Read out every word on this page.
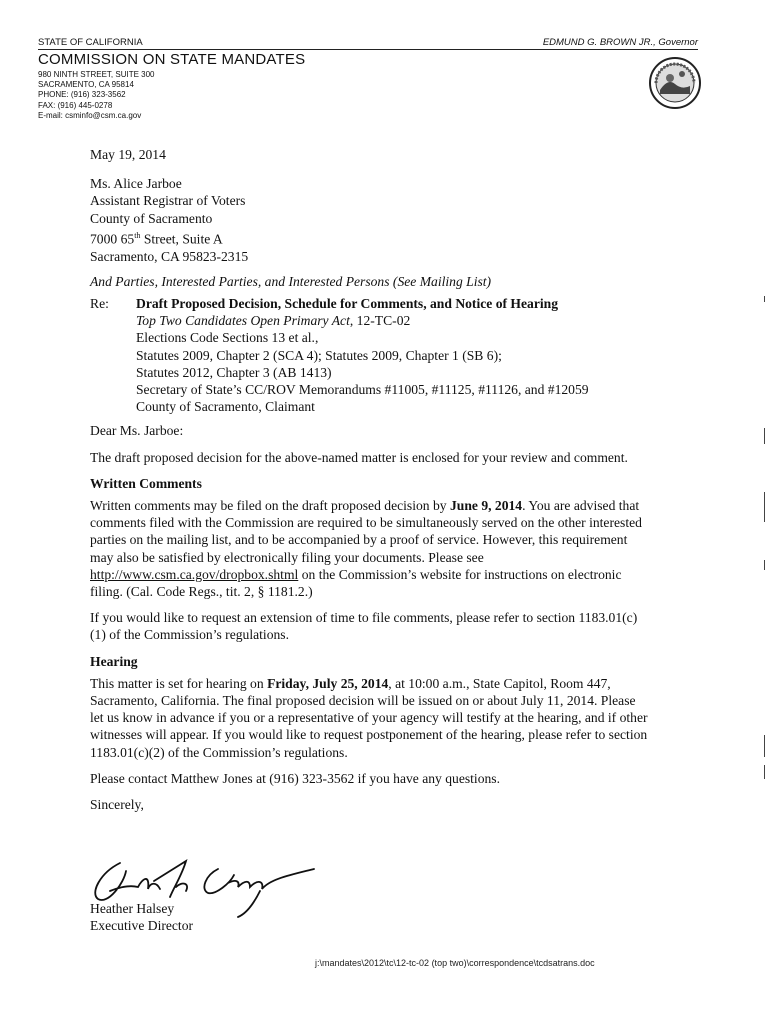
STATE OF CALIFORNIA	EDMUND G. BROWN JR., Governor
COMMISSION ON STATE MANDATES
980 NINTH STREET, SUITE 300
SACRAMENTO, CA 95814
PHONE: (916) 323-3562
FAX: (916) 445-0278
E-mail: csminfo@csm.ca.gov

May 19, 2014

Ms. Alice Jarboe
Assistant Registrar of Voters
County of Sacramento
7000 65th Street, Suite A
Sacramento, CA 95823-2315

And Parties, Interested Parties, and Interested Persons (See Mailing List)

Re:	Draft Proposed Decision, Schedule for Comments, and Notice of Hearing
Top Two Candidates Open Primary Act, 12-TC-02
Elections Code Sections 13 et al.,
Statutes 2009, Chapter 2 (SCA 4); Statutes 2009, Chapter 1 (SB 6);
Statutes 2012, Chapter 3 (AB 1413)
Secretary of State’s CC/ROV Memorandums #11005, #11125, #11126, and #12059
County of Sacramento, Claimant

Dear Ms. Jarboe:

The draft proposed decision for the above-named matter is enclosed for your review and comment.

Written Comments

Written comments may be filed on the draft proposed decision by June 9, 2014. You are advised that comments filed with the Commission are required to be simultaneously served on the other interested parties on the mailing list, and to be accompanied by a proof of service. However, this requirement may also be satisfied by electronically filing your documents. Please see http://www.csm.ca.gov/dropbox.shtml on the Commission’s website for instructions on electronic filing. (Cal. Code Regs., tit. 2, § 1181.2.)

If you would like to request an extension of time to file comments, please refer to section 1183.01(c)(1) of the Commission’s regulations.

Hearing

This matter is set for hearing on Friday, July 25, 2014, at 10:00 a.m., State Capitol, Room 447, Sacramento, California. The final proposed decision will be issued on or about July 11, 2014. Please let us know in advance if you or a representative of your agency will testify at the hearing, and if other witnesses will appear. If you would like to request postponement of the hearing, please refer to section 1183.01(c)(2) of the Commission’s regulations.

Please contact Matthew Jones at (916) 323-3562 if you have any questions.

Sincerely,

Heather Halsey
Executive Director
j:\mandates\2012\tc\12-tc-02 (top two)\correspondence\tcdsatrans.doc
